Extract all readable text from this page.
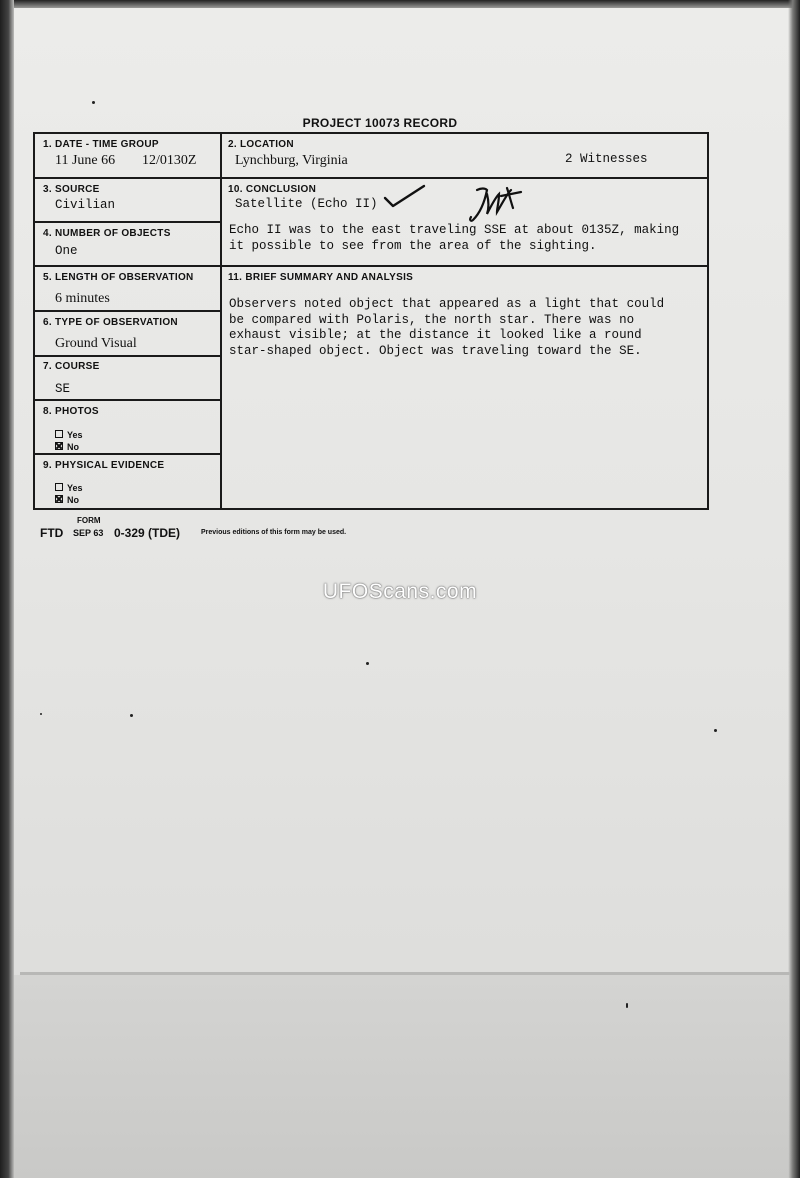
PROJECT 10073 RECORD
1. DATE - TIME GROUP
11 June 66 12/0130Z
2. LOCATION
Lynchburg, Virginia	2 Witnesses
3. SOURCE
Civilian
4. NUMBER OF OBJECTS
One
5. LENGTH OF OBSERVATION
6 minutes
6. TYPE OF OBSERVATION
Ground Visual
7. COURSE
SE
8. PHOTOS
Yes
No
9. PHYSICAL EVIDENCE
Yes
No
10. CONCLUSION
Satellite (Echo II)
Echo II was to the east traveling SSE at about 0135Z, making
it possible to see from the area of the sighting.
11. BRIEF SUMMARY AND ANALYSIS
Observers noted object that appeared as a light that could
be compared with Polaris, the north star. There was no
exhaust visible; at the distance it looked like a round
star-shaped object. Object was traveling toward the SE.
FORM
FTD SEP 63 0-329 (TDE)	Previous editions of this form may be used.
UFOScans.com
